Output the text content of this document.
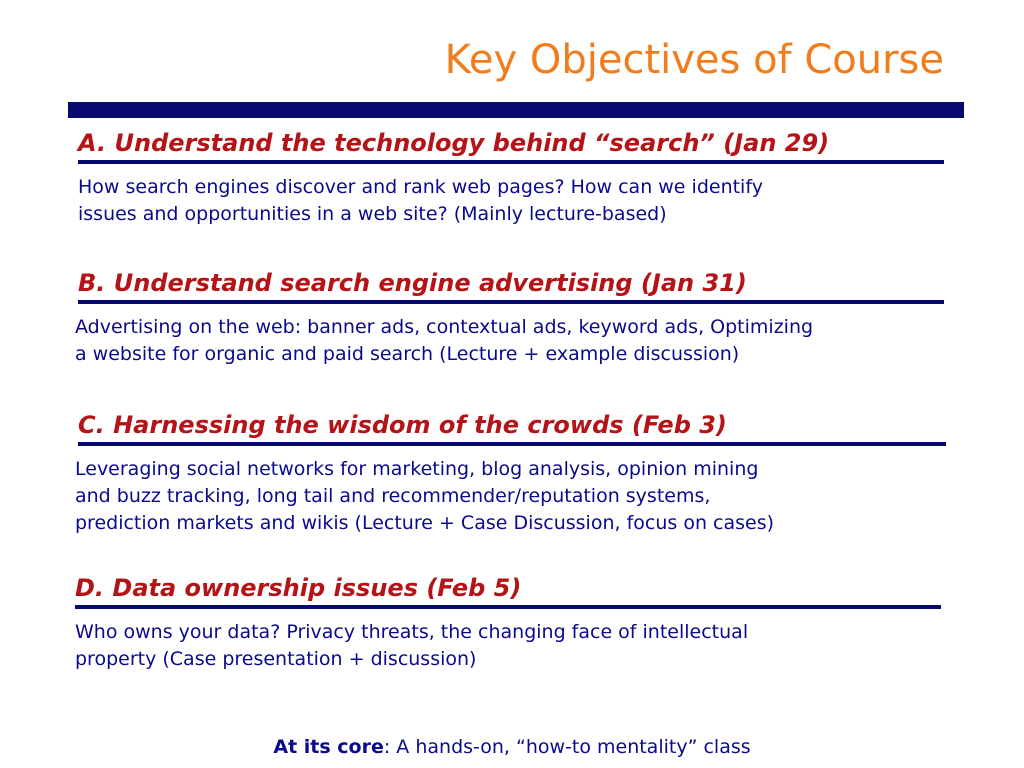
Key Objectives of Course
A. Understand the technology behind “search” (Jan 29)
How search engines discover and rank web pages? How can we identify
issues and opportunities in a web site? (Mainly lecture-based)
B. Understand search engine advertising (Jan 31)
Advertising on the web: banner ads, contextual ads, keyword ads, Optimizing
a website for organic and paid search (Lecture + example discussion)
C. Harnessing the wisdom of the crowds (Feb 3)
Leveraging social networks for marketing, blog analysis, opinion mining
and buzz tracking, long tail and recommender/reputation systems,
prediction markets and wikis (Lecture + Case Discussion, focus on cases)
D. Data ownership issues (Feb 5)
Who owns your data? Privacy threats, the changing face of intellectual
property (Case presentation + discussion)
At its core: A hands-on, “how-to mentality” class
